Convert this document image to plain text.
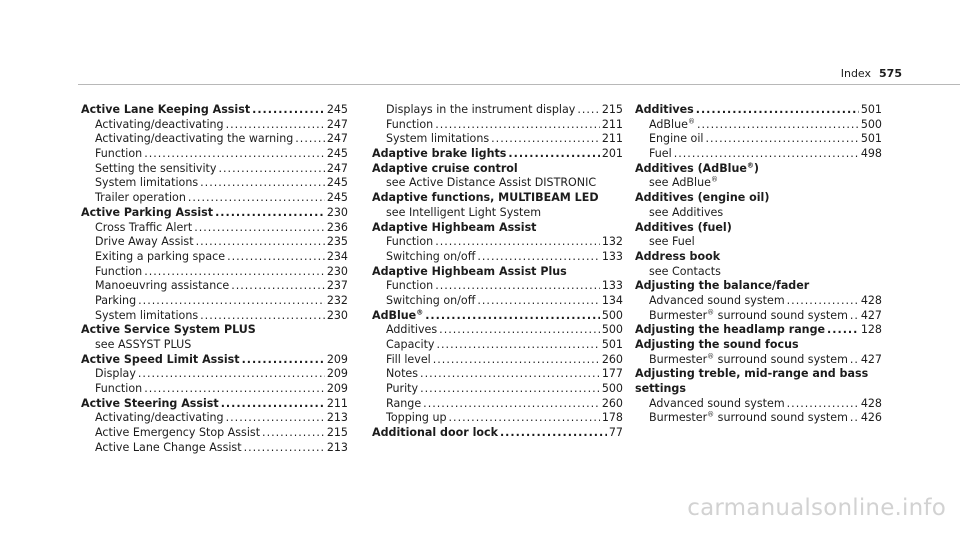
Index 575
Active Lane Keeping Assist .....	245
Activating/deactivating .....	247
Activating/deactivating the warning .....	247
Function .....	245
Setting the sensitivity .....	247
System limitations .....	245
Trailer operation .....	245
Active Parking Assist .....	230
Cross Traffic Alert .....	236
Drive Away Assist .....	235
Exiting a parking space .....	234
Function .....	230
Manoeuvring assistance .....	237
Parking .....	232
System limitations .....	230
Active Service System PLUS
see ASSYST PLUS
Active Speed Limit Assist .....	209
Display .....	209
Function .....	209
Active Steering Assist .....	211
Activating/deactivating .....	213
Active Emergency Stop Assist .....	215
Active Lane Change Assist .....	213
Displays in the instrument display ..... 215
Function .....	211
System limitations .....	211
Adaptive brake lights .....	201
Adaptive cruise control
see Active Distance Assist DISTRONIC
Adaptive functions, MULTIBEAM LED
see Intelligent Light System
Adaptive Highbeam Assist
Function .....	132
Switching on/off .....	133
Adaptive Highbeam Assist Plus
Function .....	133
Switching on/off .....	134
AdBlue® .....	500
Additives .....	500
Capacity .....	501
Fill level .....	260
Notes .....	177
Purity .....	500
Range .....	260
Topping up .....	178
Additional door lock .....	77
Additives .....	501
AdBlue® .....	500
Engine oil .....	501
Fuel .....	498
Additives (AdBlue®)
see AdBlue®
Additives (engine oil)
see Additives
Additives (fuel)
see Fuel
Address book
see Contacts
Adjusting the balance/fader
Advanced sound system .....	428
Burmester® surround sound system ..... 427
Adjusting the headlamp range .....	128
Adjusting the sound focus
Burmester® surround sound system ..... 427
Adjusting treble, mid-range and bass
settings
Advanced sound system .....	428
Burmester® surround sound system ..... 426
carmanualsonline.info
